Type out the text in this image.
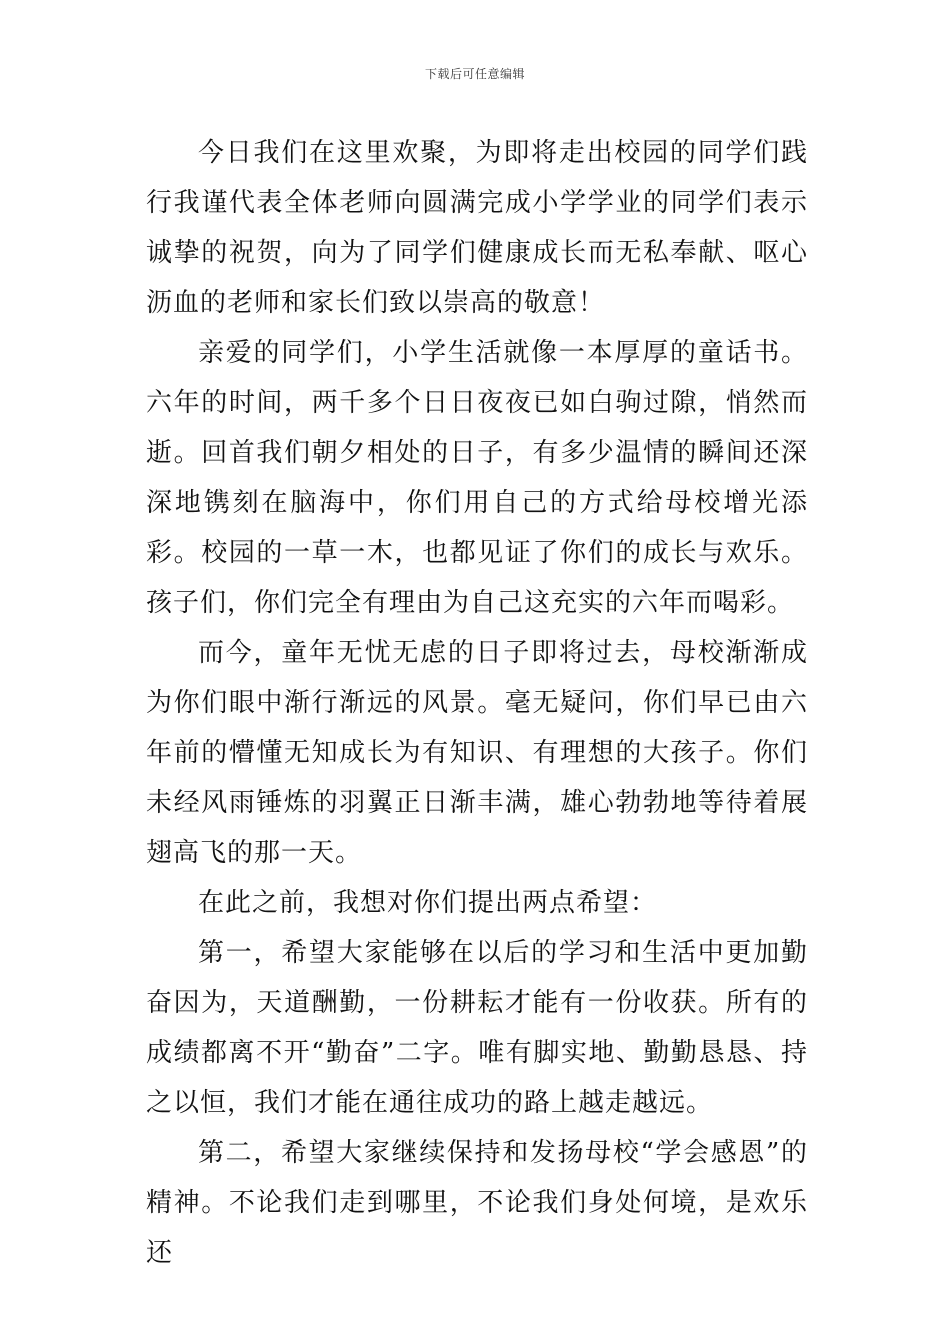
下载后可任意编辑

今日我们在这里欢聚，为即将走出校园的同学们践行我谨代表全体老师向圆满完成小学学业的同学们表示诚挚的祝贺，向为了同学们健康成长而无私奉献、呕心沥血的老师和家长们致以崇高的敬意！

亲爱的同学们，小学生活就像一本厚厚的童话书。六年的时间，两千多个日日夜夜已如白驹过隙，悄然而逝。回首我们朝夕相处的日子，有多少温情的瞬间还深深地镌刻在脑海中，你们用自己的方式给母校增光添彩。校园的一草一木，也都见证了你们的成长与欢乐。孩子们，你们完全有理由为自己这充实的六年而喝彩。

而今，童年无忧无虑的日子即将过去，母校渐渐成为你们眼中渐行渐远的风景。毫无疑问，你们早已由六年前的懵懂无知成长为有知识、有理想的大孩子。你们未经风雨锤炼的羽翼正日渐丰满，雄心勃勃地等待着展翅高飞的那一天。

在此之前，我想对你们提出两点希望：

第一，希望大家能够在以后的学习和生活中更加勤奋因为，天道酬勤，一份耕耘才能有一份收获。所有的成绩都离不开“勤奋”二字。唯有脚实地、勤勤恳恳、持之以恒，我们才能在通往成功的路上越走越远。

第二，希望大家继续保持和发扬母校“学会感恩”的精神。不论我们走到哪里，不论我们身处何境，是欢乐还
